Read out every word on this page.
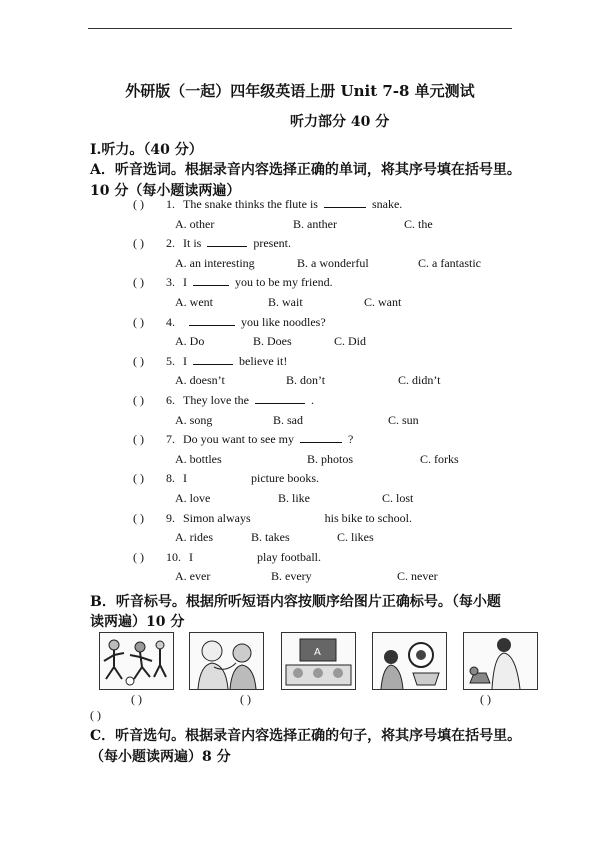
外研版（一起）四年级英语上册 Unit 7-8 单元测试
听力部分 40 分
I.听力。（40 分）
A．听音选词。根据录音内容选择正确的单词，将其序号填在括号里。
10 分（每小题读两遍）
( ) 1. The snake thinks the flute is	snake.
A. other	B. anther	C. the
( ) 2. It is	present.
A. an interesting	B. a wonderful	C. a fantastic
( ) 3. I	you to be my friend.
A. went	B. wait	C. want
( ) 4.	you like noodles?
A. Do	B. Does	C. Did
( ) 5. I	believe it!
A. doesn’t	B. don’t	C. didn’t
( ) 6. They love the	.
A. song	B. sad	C. sun
( ) 7. Do you want to see my	?
A. bottles	B. photos	C. forks
( ) 8. I	picture books.
A. love	B. like	C. lost
( ) 9. Simon always	his bike to school.
A. rides	B. takes	C. likes
( ) 10. I	play football.
A. ever	B. every	C. never
B．听音标号。根据所听短语内容按顺序给图片正确标号。（每小题
读两遍）10 分
A
( )	( )	( )
( )
C．听音选句。根据录音内容选择正确的句子，将其序号填在括号里。
（每小题读两遍）8 分
